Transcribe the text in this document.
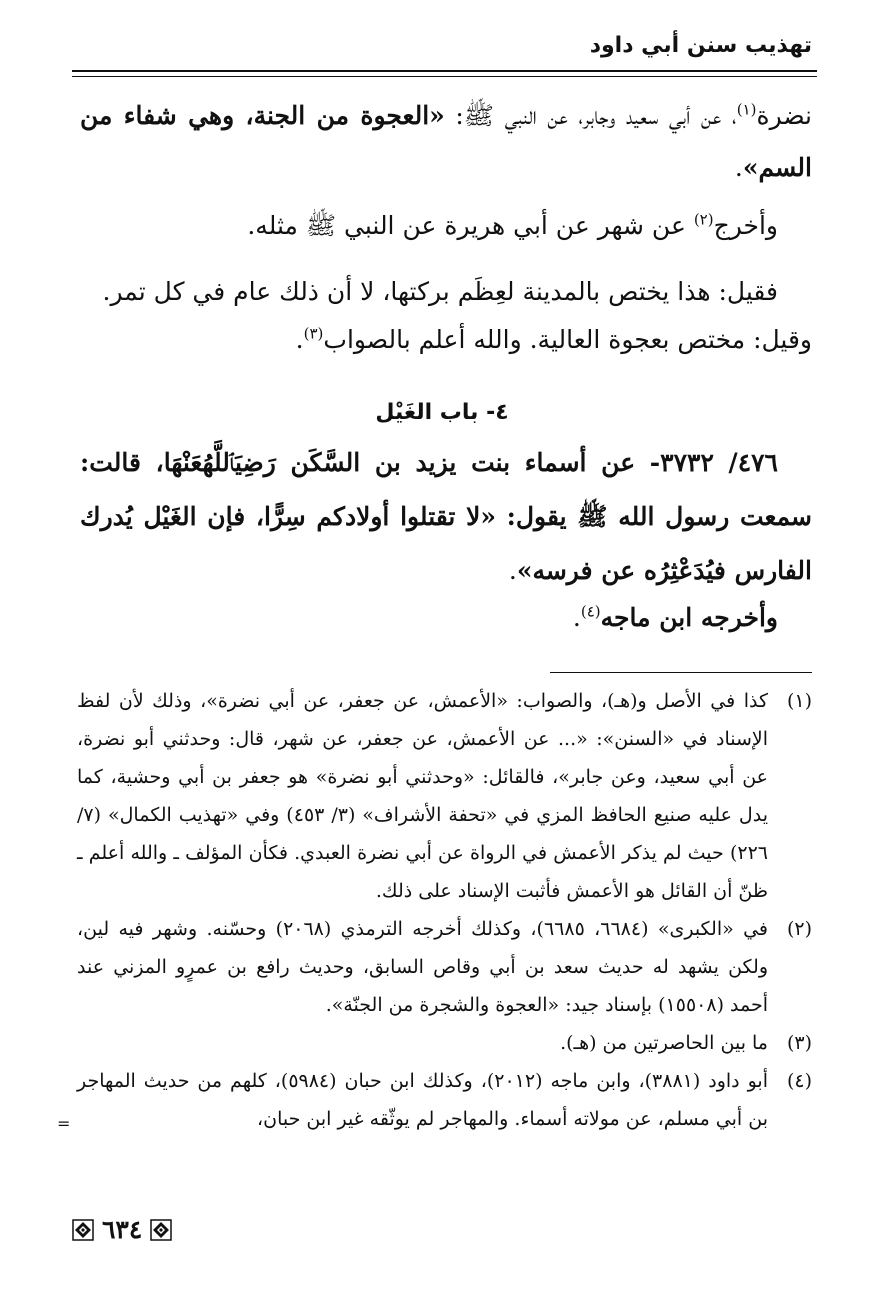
تهذيب سنن أبي داود

نضرة$^{(١)}$، عن أبي سعيد وجابر، عن النبي ﷺ: «العجوة من الجنة، وهي شفاء من السم».

وأخرج$^{(٢)}$ عن شهر عن أبي هريرة عن النبي ﷺ مثله.

فقيل: هذا يختص بالمدينة لعِظَم بركتها، لا أن ذلك عام في كل تمر.

وقيل: مختص بعجوة العالية. والله أعلم بالصواب$^{(٣)}$.

٤- باب الغَيْل

٤٧٦/ ٣٧٣٢- عن أسماء بنت يزيد بن السَّكَن رَضِيَٱللَّهُعَنْهَا، قالت: سمعت رسول الله ﷺ يقول: «لا تقتلوا أولادكم سِرًّا، فإن الغَيْل يُدرك الفارس فيُدَعْثِرُه عن فرسه».

وأخرجه ابن ماجه$^{(٤)}$.

(١)
كذا في الأصل و(هـ)، والصواب: «الأعمش، عن جعفر، عن أبي نضرة»، وذلك لأن لفظ الإسناد في «السنن»: «... عن الأعمش، عن جعفر، عن شهر، قال: وحدثني أبو نضرة، عن أبي سعيد، وعن جابر»، فالقائل: «وحدثني أبو نضرة» هو جعفر بن أبي وحشية، كما يدل عليه صنيع الحافظ المزي في «تحفة الأشراف» (٣/ ٤٥٣) وفي «تهذيب الكمال» (٧/ ٢٢٦) حيث لم يذكر الأعمش في الرواة عن أبي نضرة العبدي. فكأن المؤلف ـ والله أعلم ـ ظنّ أن القائل هو الأعمش فأثبت الإسناد على ذلك.
(٢)
في «الكبرى» (٦٦٨٤، ٦٦٨٥)، وكذلك أخرجه الترمذي (٢٠٦٨) وحسّنه. وشهر فيه لين، ولكن يشهد له حديث سعد بن أبي وقاص السابق، وحديث رافع بن عمرٍو المزني عند أحمد (١٥٥٠٨) بإسناد جيد: «العجوة والشجرة من الجنّة».
(٣)
ما بين الحاصرتين من (هـ).
(٤)
أبو داود (٣٨٨١)، وابن ماجه (٢٠١٢)، وكذلك ابن حبان (٥٩٨٤)، كلهم من حديث المهاجر بن أبي مسلم، عن مولاته أسماء. والمهاجر لم يوثّقه غير ابن حبان،
=
٦٣٤
